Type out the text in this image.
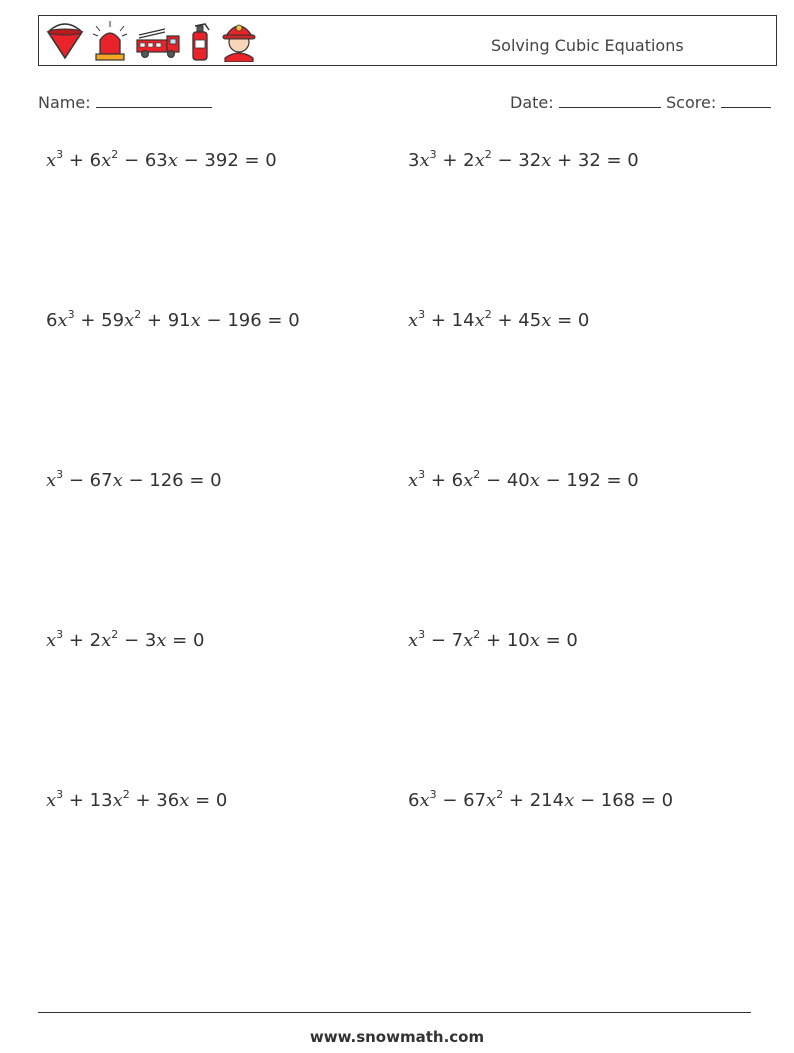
Solving Cubic Equations
Name:	Date:	Score:
$x^3 + 6x^2 - 63x - 392 = 0$	$3x^3 + 2x^2 - 32x + 32 = 0$
$6x^3 + 59x^2 + 91x - 196 = 0$	$x^3 + 14x^2 + 45x = 0$
$x^3 - 67x - 126 = 0$	$x^3 + 6x^2 - 40x - 192 = 0$
$x^3 + 2x^2 - 3x = 0$	$x^3 - 7x^2 + 10x = 0$
$x^3 + 13x^2 + 36x = 0$	$6x^3 - 67x^2 + 214x - 168 = 0$
www.snowmath.com
